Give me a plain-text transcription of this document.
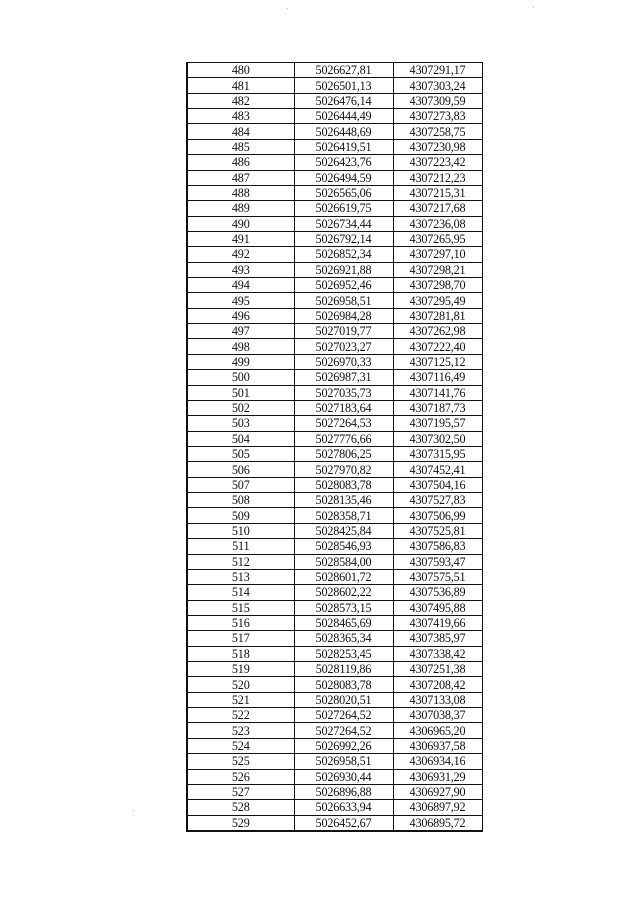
480	5026627,81	4307291,17
481	5026501,13	4307303,24
482	5026476,14	4307309,59
483	5026444,49	4307273,83
484	5026448,69	4307258,75
485	5026419,51	4307230,98
486	5026423,76	4307223,42
487	5026494,59	4307212,23
488	5026565,06	4307215,31
489	5026619,75	4307217,68
490	5026734,44	4307236,08
491	5026792,14	4307265,95
492	5026852,34	4307297,10
493	5026921,88	4307298,21
494	5026952,46	4307298,70
495	5026958,51	4307295,49
496	5026984,28	4307281,81
497	5027019,77	4307262,98
498	5027023,27	4307222,40
499	5026970,33	4307125,12
500	5026987,31	4307116,49
501	5027035,73	4307141,76
502	5027183,64	4307187,73
503	5027264,53	4307195,57
504	5027776,66	4307302,50
505	5027806,25	4307315,95
506	5027970,82	4307452,41
507	5028083,78	4307504,16
508	5028135,46	4307527,83
509	5028358,71	4307506,99
510	5028425,84	4307525,81
511	5028546,93	4307586,83
512	5028584,00	4307593,47
513	5028601,72	4307575,51
514	5028602,22	4307536,89
515	5028573,15	4307495,88
516	5028465,69	4307419,66
517	5028365,34	4307385,97
518	5028253,45	4307338,42
519	5028119,86	4307251,38
520	5028083,78	4307208,42
521	5028020,51	4307133,08
522	5027264,52	4307038,37
523	5027264,52	4306965,20
524	5026992,26	4306937,58
525	5026958,51	4306934,16
526	5026930,44	4306931,29
527	5026896,88	4306927,90
528	5026633,94	4306897,92
529	5026452,67	4306895,72
